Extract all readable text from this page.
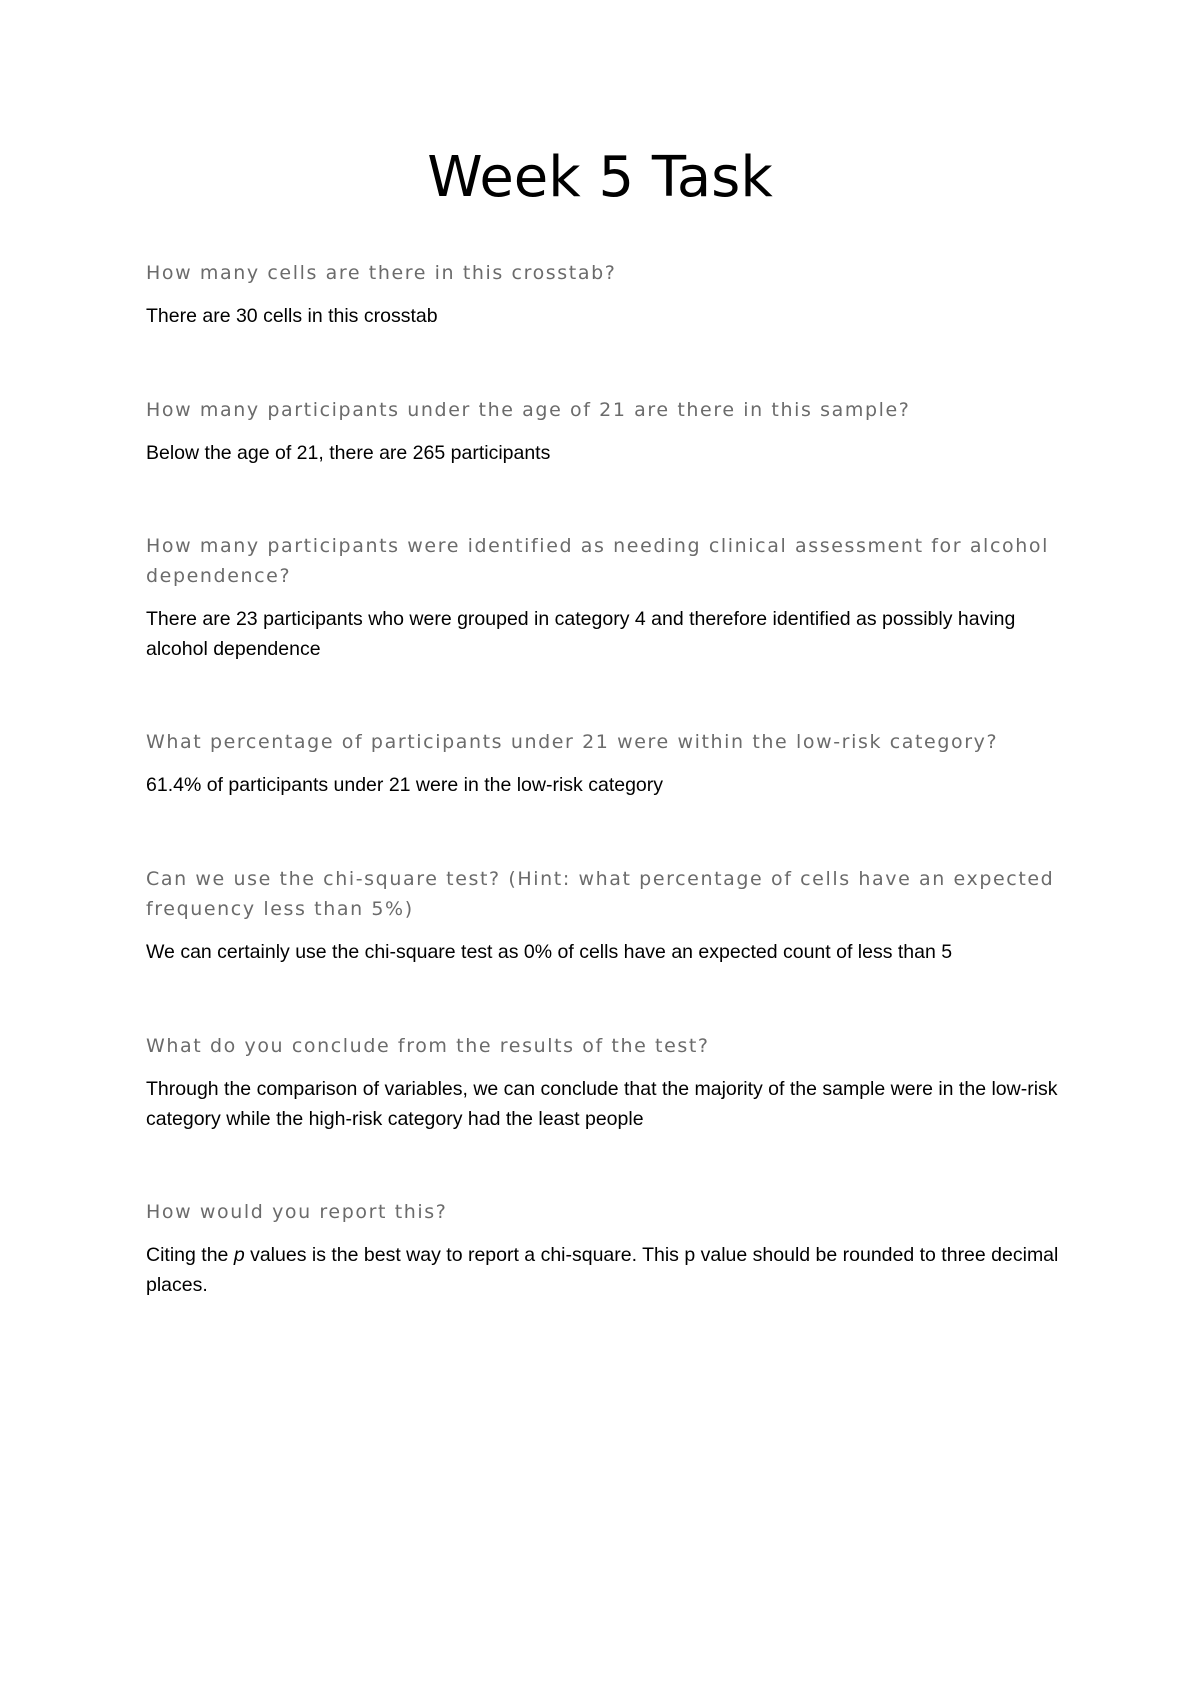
Week 5 Task

How many cells are there in this crosstab?

There are 30 cells in this crosstab

How many participants under the age of 21 are there in this sample?

Below the age of 21, there are 265 participants

How many participants were identified as needing clinical assessment for alcohol dependence?

There are 23 participants who were grouped in category 4 and therefore identified as possibly having alcohol dependence

What percentage of participants under 21 were within the low-risk category?

61.4% of participants under 21 were in the low-risk category

Can we use the chi-square test? (Hint: what percentage of cells have an expected frequency less than 5%)

We can certainly use the chi-square test as 0% of cells have an expected count of less than 5

What do you conclude from the results of the test?

Through the comparison of variables, we can conclude that the majority of the sample were in the low-risk category while the high-risk category had the least people

How would you report this?

Citing the p values is the best way to report a chi-square. This p value should be rounded to three decimal places.
